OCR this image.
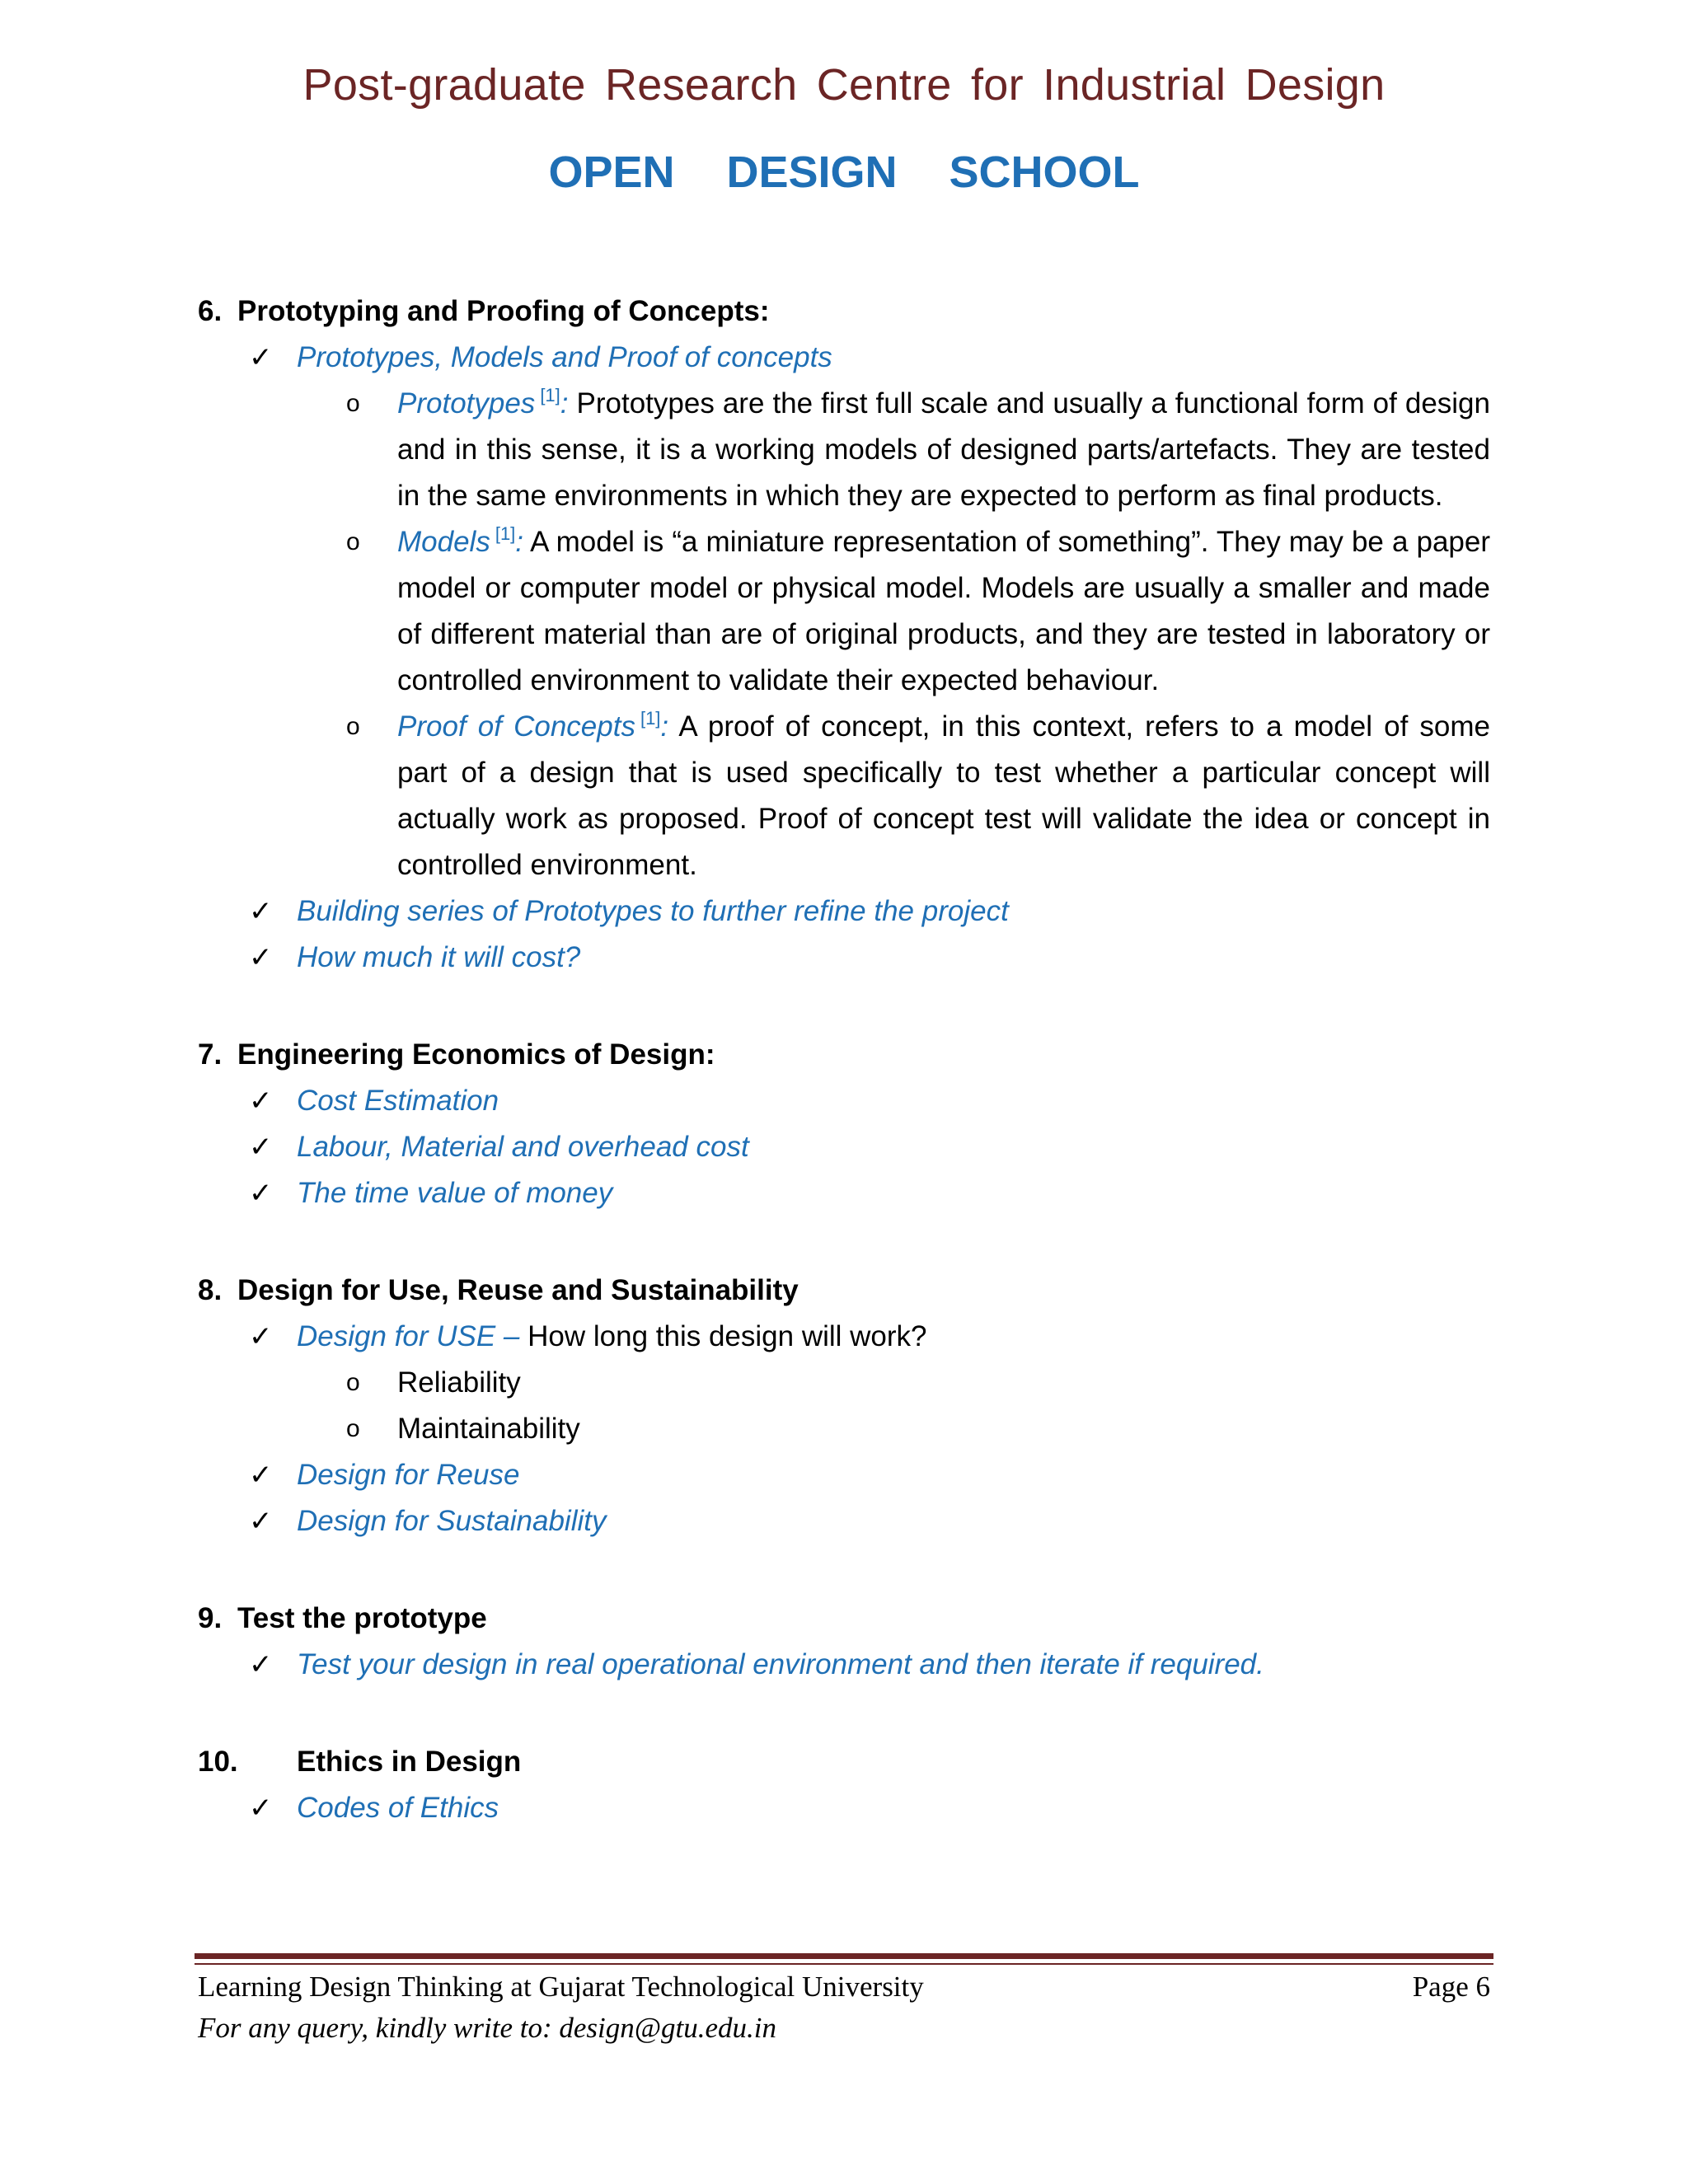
Post-graduate Research Centre for Industrial Design
OPEN DESIGN SCHOOL
6. Prototyping and Proofing of Concepts:
✓ Prototypes, Models and Proof of concepts
o	Prototypes [1]: Prototypes are the first full scale and usually a functional form of design and in this sense, it is a working models of designed parts/artefacts. They are tested in the same environments in which they are expected to perform as final products.
o	Models [1]: A model is “a miniature representation of something”. They may be a paper model or computer model or physical model. Models are usually a smaller and made of different material than are of original products, and they are tested in laboratory or controlled environment to validate their expected behaviour.
o	Proof of Concepts [1]: A proof of concept, in this context, refers to a model of some part of a design that is used specifically to test whether a particular concept will actually work as proposed. Proof of concept test will validate the idea or concept in controlled environment.
✓ Building series of Prototypes to further refine the project
✓ How much it will cost?
7. Engineering Economics of Design:
✓ Cost Estimation
✓ Labour, Material and overhead cost
✓ The time value of money
8. Design for Use, Reuse and Sustainability
✓ Design for USE – How long this design will work?
o	Reliability
o	Maintainability
✓ Design for Reuse
✓ Design for Sustainability
9. Test the prototype
✓ Test your design in real operational environment and then iterate if required.
10.	Ethics in Design
✓ Codes of Ethics
Learning Design Thinking at Gujarat Technological University	Page 6
For any query, kindly write to: design@gtu.edu.in
